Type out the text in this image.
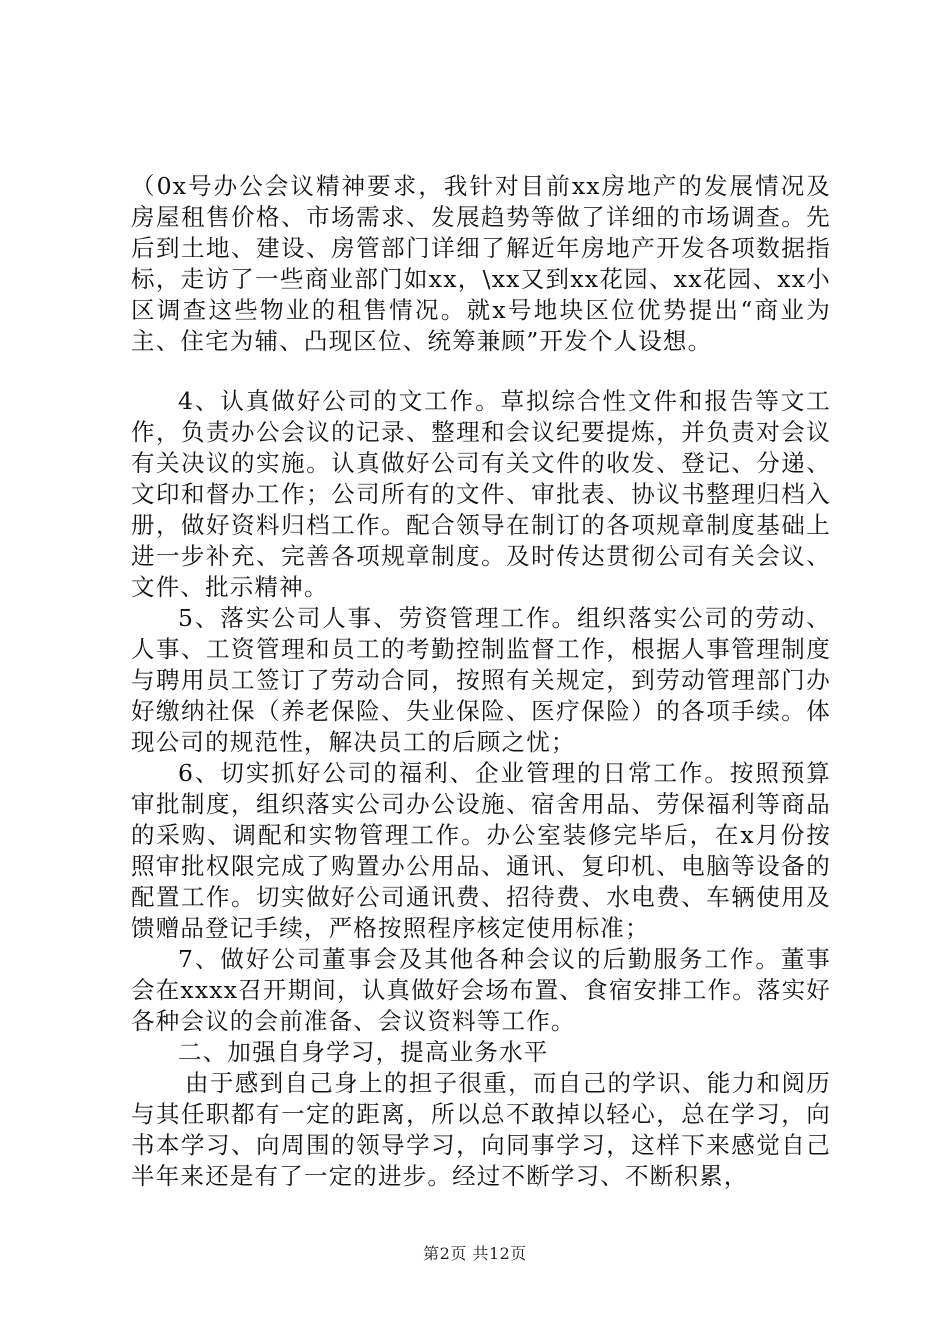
（0x号办公会议精神要求，我针对目前xx房地产的发展情况及房屋租售价格、市场需求、发展趋势等做了详细的市场调查。先后到土地、建设、房管部门详细了解近年房地产开发各项数据指标，走访了一些商业部门如xx，\xx又到xx花园、xx花园、xx小区调查这些物业的租售情况。就x号地块区位优势提出“商业为主、住宅为辅、凸现区位、统筹兼顾”开发个人设想。

4、认真做好公司的文工作。草拟综合性文件和报告等文工作，负责办公会议的记录、整理和会议纪要提炼，并负责对会议有关决议的实施。认真做好公司有关文件的收发、登记、分递、文印和督办工作；公司所有的文件、审批表、协议书整理归档入册，做好资料归档工作。配合领导在制订的各项规章制度基础上进一步补充、完善各项规章制度。及时传达贯彻公司有关会议、文件、批示精神。

5、落实公司人事、劳资管理工作。组织落实公司的劳动、人事、工资管理和员工的考勤控制监督工作，根据人事管理制度与聘用员工签订了劳动合同，按照有关规定，到劳动管理部门办好缴纳社保（养老保险、失业保险、医疗保险）的各项手续。体现公司的规范性，解决员工的后顾之忧；

6、切实抓好公司的福利、企业管理的日常工作。按照预算审批制度，组织落实公司办公设施、宿舍用品、劳保福利等商品的采购、调配和实物管理工作。办公室装修完毕后，在x月份按照审批权限完成了购置办公用品、通讯、复印机、电脑等设备的配置工作。切实做好公司通讯费、招待费、水电费、车辆使用及馈赠品登记手续，严格按照程序核定使用标准；

7、做好公司董事会及其他各种会议的后勤服务工作。董事会在xxxx召开期间，认真做好会场布置、食宿安排工作。落实好各种会议的会前准备、会议资料等工作。

二、加强自身学习，提高业务水平

由于感到自己身上的担子很重，而自己的学识、能力和阅历与其任职都有一定的距离，所以总不敢掉以轻心，总在学习，向书本学习、向周围的领导学习，向同事学习，这样下来感觉自己半年来还是有了一定的进步。经过不断学习、不断积累，

第2页 共12页
